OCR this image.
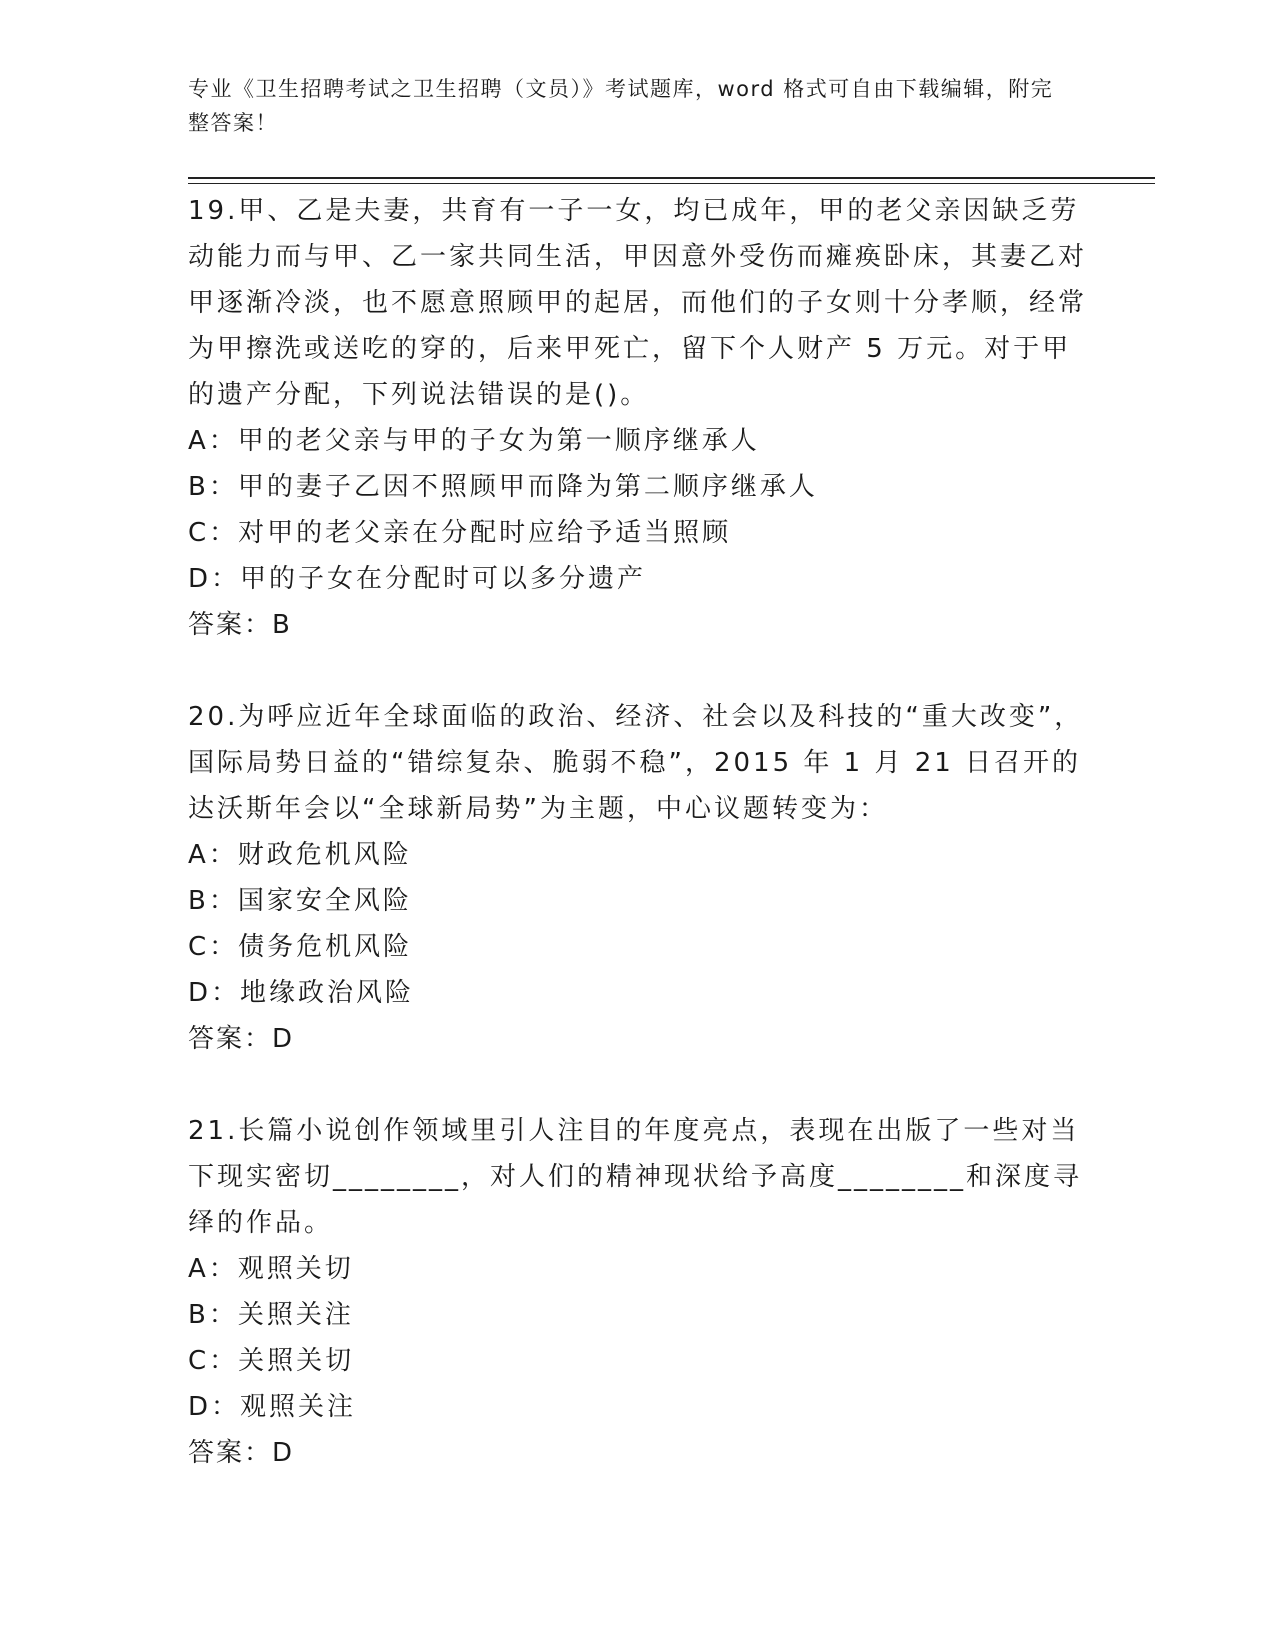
专业《卫生招聘考试之卫生招聘（文员）》考试题库，word 格式可自由下载编辑，附完整答案！

19.甲、乙是夫妻，共育有一子一女，均已成年，甲的老父亲因缺乏劳动能力而与甲、乙一家共同生活，甲因意外受伤而瘫痪卧床，其妻乙对甲逐渐冷淡，也不愿意照顾甲的起居，而他们的子女则十分孝顺，经常为甲擦洗或送吃的穿的，后来甲死亡，留下个人财产 5 万元。对于甲的遗产分配，下列说法错误的是()。

A：甲的老父亲与甲的子女为第一顺序继承人

B：甲的妻子乙因不照顾甲而降为第二顺序继承人

C：对甲的老父亲在分配时应给予适当照顾

D：甲的子女在分配时可以多分遗产

答案：B

20.为呼应近年全球面临的政治、经济、社会以及科技的“重大改变”，国际局势日益的“错综复杂、脆弱不稳”，2015 年 1 月 21 日召开的达沃斯年会以“全球新局势”为主题，中心议题转变为：

A：财政危机风险

B：国家安全风险

C：债务危机风险

D：地缘政治风险

答案：D

21.长篇小说创作领域里引人注目的年度亮点，表现在出版了一些对当下现实密切________，对人们的精神现状给予高度________和深度寻绎的作品。

A：观照关切

B：关照关注

C：关照关切

D：观照关注

答案：D
